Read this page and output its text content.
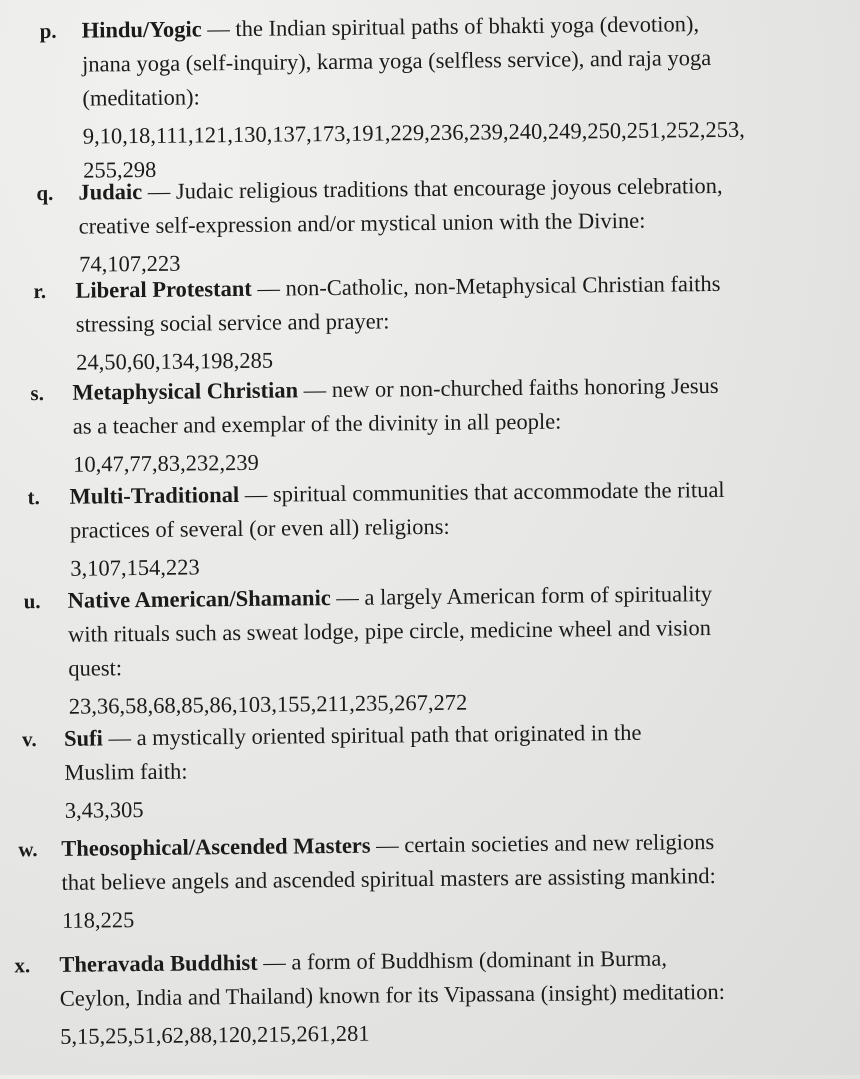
p.	Hindu/Yogic — the Indian spiritual paths of bhakti yoga (devotion),
jnana yoga (self-inquiry), karma yoga (selfless service), and raja yoga
(meditation):
9,10,18,111,121,130,137,173,191,229,236,239,240,249,250,251,252,253,
255,298
q.	Judaic — Judaic religious traditions that encourage joyous celebration,
creative self-expression and/or mystical union with the Divine:
74,107,223
r.	Liberal Protestant — non-Catholic, non-Metaphysical Christian faiths
stressing social service and prayer:
24,50,60,134,198,285
s.	Metaphysical Christian — new or non-churched faiths honoring Jesus
as a teacher and exemplar of the divinity in all people:
10,47,77,83,232,239
t.	Multi-Traditional — spiritual communities that accommodate the ritual
practices of several (or even all) religions:
3,107,154,223
u.	Native American/Shamanic — a largely American form of spirituality
with rituals such as sweat lodge, pipe circle, medicine wheel and vision
quest:
23,36,58,68,85,86,103,155,211,235,267,272
v.	Sufi — a mystically oriented spiritual path that originated in the
Muslim faith:
3,43,305
w.	Theosophical/Ascended Masters — certain societies and new religions
that believe angels and ascended spiritual masters are assisting mankind:
118,225
x.	Theravada Buddhist — a form of Buddhism (dominant in Burma,
Ceylon, India and Thailand) known for its Vipassana (insight) meditation:
5,15,25,51,62,88,120,215,261,281
